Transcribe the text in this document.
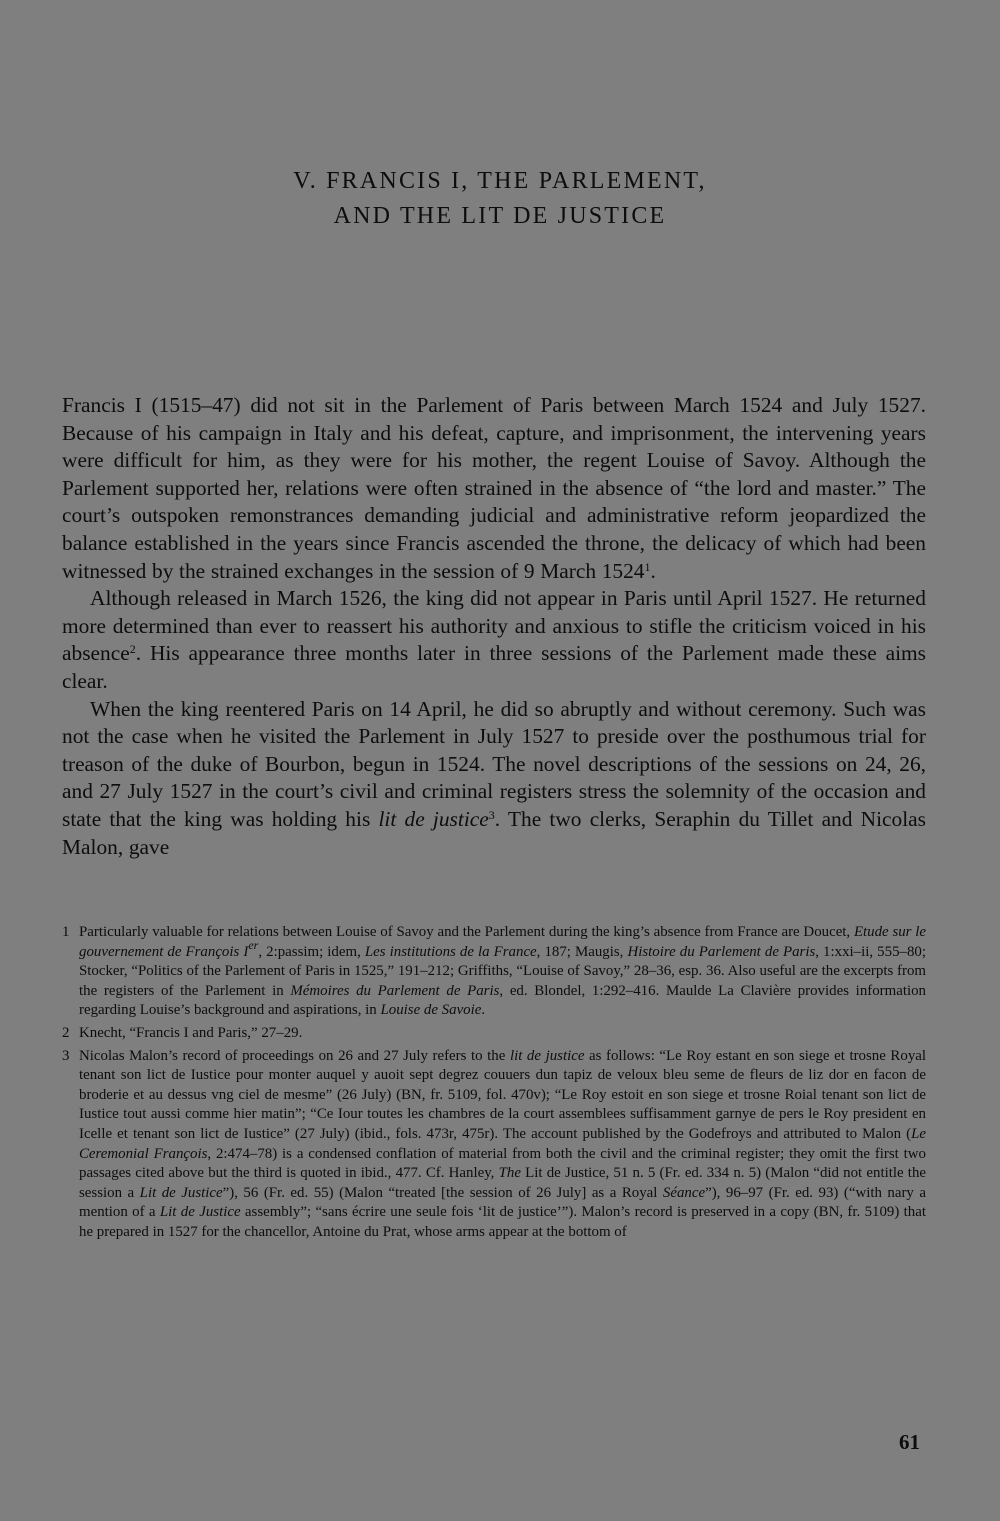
V. FRANCIS I, THE PARLEMENT,
AND THE LIT DE JUSTICE

Francis I (1515–47) did not sit in the Parlement of Paris between March 1524 and July 1527. Because of his campaign in Italy and his defeat, capture, and imprisonment, the intervening years were difficult for him, as they were for his mother, the regent Louise of Savoy. Although the Parlement supported her, relations were often strained in the absence of “the lord and master.” The court’s outspoken remonstrances demanding judicial and administrative reform jeopardized the balance established in the years since Francis ascended the throne, the delicacy of which had been witnessed by the strained exchanges in the session of 9 March 1524$^1$.

Although released in March 1526, the king did not appear in Paris until April 1527. He returned more determined than ever to reassert his authority and anxious to stifle the criticism voiced in his absence$^2$. His appearance three months later in three sessions of the Parlement made these aims clear.

When the king reentered Paris on 14 April, he did so abruptly and without ceremony. Such was not the case when he visited the Parlement in July 1527 to preside over the posthumous trial for treason of the duke of Bourbon, begun in 1524. The novel descriptions of the sessions on 24, 26, and 27 July 1527 in the court’s civil and criminal registers stress the solemnity of the occasion and state that the king was holding his lit de justice$^3$. The two clerks, Seraphin du Tillet and Nicolas Malon, gave

1 Particularly valuable for relations between Louise of Savoy and the Parlement during the king’s absence from France are Doucet, Etude sur le gouvernement de François Ier, 2:passim; idem, Les institutions de la France, 187; Maugis, Histoire du Parlement de Paris, 1:xxi–ii, 555–80; Stocker, “Politics of the Parlement of Paris in 1525,” 191–212; Griffiths, “Louise of Savoy,” 28–36, esp. 36. Also useful are the excerpts from the registers of the Parlement in Mémoires du Parlement de Paris, ed. Blondel, 1:292–416. Maulde La Clavière provides information regarding Louise’s background and aspirations, in Louise de Savoie.
2 Knecht, “Francis I and Paris,” 27–29.
3 Nicolas Malon’s record of proceedings on 26 and 27 July refers to the lit de justice as follows: “Le Roy estant en son siege et trosne Royal tenant son lict de Iustice pour monter auquel y auoit sept degrez couuers dun tapiz de veloux bleu seme de fleurs de liz dor en facon de broderie et au dessus vng ciel de mesme” (26 July) (BN, fr. 5109, fol. 470v); “Le Roy estoit en son siege et trosne Roial tenant son lict de Iustice tout aussi comme hier matin”; “Ce Iour toutes les chambres de la court assemblees suffisamment garnye de pers le Roy president en Icelle et tenant son lict de Iustice” (27 July) (ibid., fols. 473r, 475r). The account published by the Godefroys and attributed to Malon (Le Ceremonial François, 2:474–78) is a condensed conflation of material from both the civil and the criminal register; they omit the first two passages cited above but the third is quoted in ibid., 477. Cf. Hanley, The Lit de Justice, 51 n. 5 (Fr. ed. 334 n. 5) (Malon “did not entitle the session a Lit de Justice”), 56 (Fr. ed. 55) (Malon “treated [the session of 26 July] as a Royal Séance”), 96–97 (Fr. ed. 93) (“with nary a mention of a Lit de Justice assembly”; “sans écrire une seule fois ‘lit de justice’”). Malon’s record is preserved in a copy (BN, fr. 5109) that he prepared in 1527 for the chancellor, Antoine du Prat, whose arms appear at the bottom of
61
